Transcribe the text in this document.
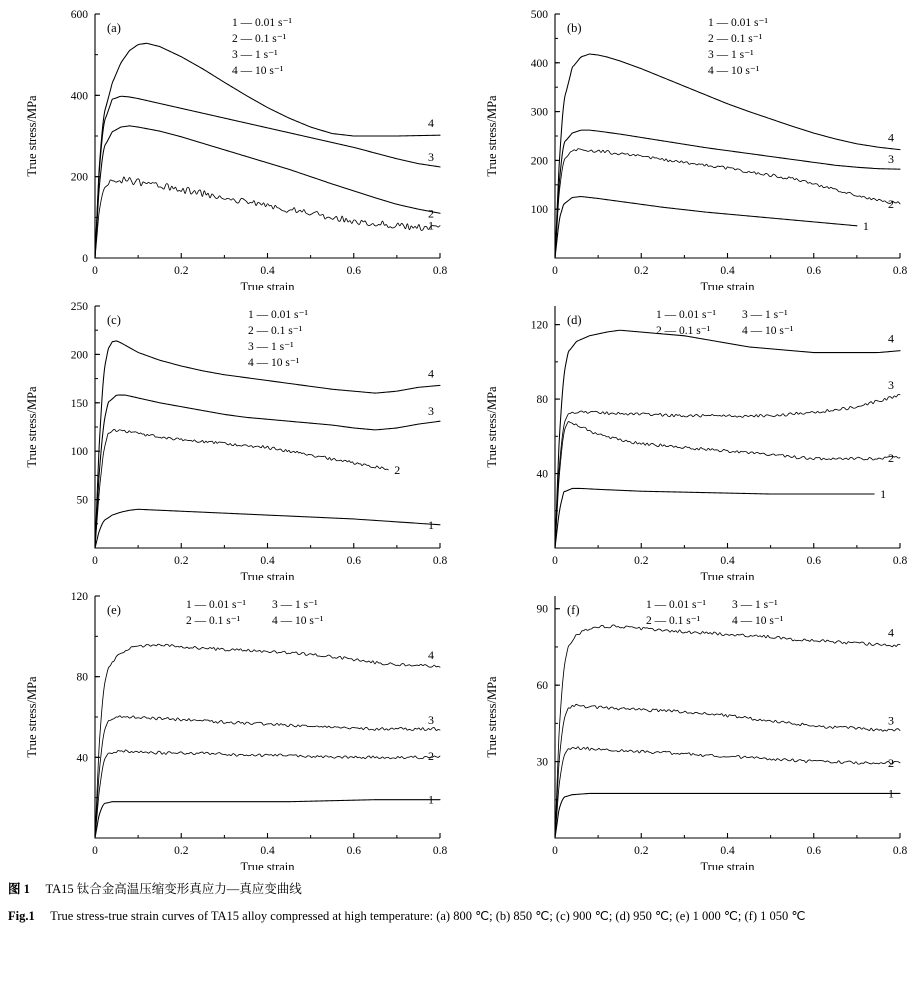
0	0.2	0.4	0.6	0.8
0
200
400
600
True strain
True stress/MPa
(a)	1 — 0.01 s⁻¹
2 — 0.1 s⁻¹
3 — 1 s⁻¹
4 — 10 s⁻¹
1
2
3
4
0	0.2	0.4	0.6	0.8
100
200
300
400
500
True strain
True stress/MPa
(b)	1 — 0.01 s⁻¹
2 — 0.1 s⁻¹
3 — 1 s⁻¹
4 — 10 s⁻¹
1
2
3
4
0	0.2	0.4	0.6	0.8
50
100
150
200
250
True strain
True stress/MPa
(c)	1 — 0.01 s⁻¹
2 — 0.1 s⁻¹
3 — 1 s⁻¹
4 — 10 s⁻¹
1
2
3
4
0	0.2	0.4	0.6	0.8
40
80
120
True strain
True stress/MPa
(d)	1 — 0.01 s⁻¹ 3 — 1 s⁻¹
2 — 0.1 s⁻¹	4 — 10 s⁻¹
1
2
3
4
0	0.2	0.4	0.6	0.8
40
80
120
True strain
True stress/MPa
(e)	1 — 0.01 s⁻¹ 3 — 1 s⁻¹
2 — 0.1 s⁻¹	4 — 10 s⁻¹
1
2
3
4
0	0.2	0.4	0.6	0.8
30
60
90
True strain
True stress/MPa
(f)	1 — 0.01 s⁻¹ 3 — 1 s⁻¹
2 — 0.1 s⁻¹	4 — 10 s⁻¹
1
2
3
4
图 1 TA15 钛合金高温压缩变形真应力—真应变曲线
Fig.1 True stress-true strain curves of TA15 alloy compressed at high temperature: (a) 800 ℃; (b) 850 ℃; (c) 900 ℃; (d) 950 ℃; (e) 1 000 ℃; (f) 1 050 ℃
